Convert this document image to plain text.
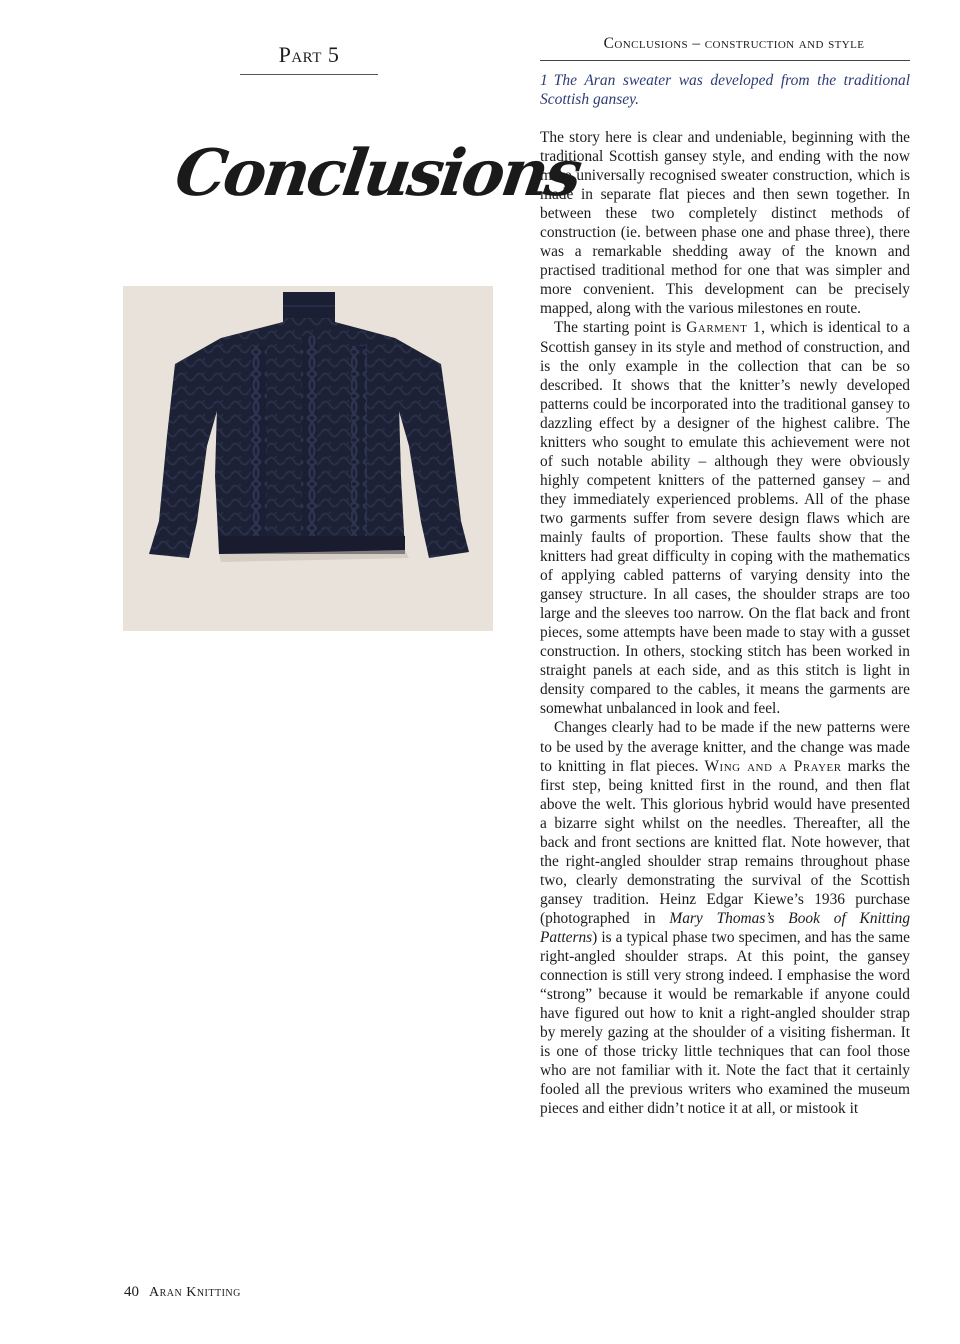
Part 5
Conclusions
40 Aran Knitting
Conclusions – construction and style
1 The Aran sweater was developed from the traditional Scottish gansey.

The story here is clear and undeniable, beginning with the traditional Scottish gansey style, and ending with the now more universally recognised sweater construction, which is made in separate flat pieces and then sewn together. In between these two completely distinct methods of construction (ie. between phase one and phase three), there was a remarkable shedding away of the known and practised traditional method for one that was simpler and more convenient. This development can be precisely mapped, along with the various milestones en route.

The starting point is Garment 1, which is identical to a Scottish gansey in its style and method of construction, and is the only example in the collection that can be so described. It shows that the knitter’s newly developed patterns could be incorporated into the traditional gansey to dazzling effect by a designer of the highest calibre. The knitters who sought to emulate this achievement were not of such notable ability – although they were obviously highly competent knitters of the patterned gansey – and they immediately experienced problems. All of the phase two garments suffer from severe design flaws which are mainly faults of proportion. These faults show that the knitters had great difficulty in coping with the mathematics of applying cabled patterns of varying density into the gansey structure. In all cases, the shoulder straps are too large and the sleeves too narrow. On the flat back and front pieces, some attempts have been made to stay with a gusset construction. In others, stocking stitch has been worked in straight panels at each side, and as this stitch is light in density compared to the cables, it means the garments are somewhat unbalanced in look and feel.

Changes clearly had to be made if the new patterns were to be used by the average knitter, and the change was made to knitting in flat pieces. Wing and a Prayer marks the first step, being knitted first in the round, and then flat above the welt. This glorious hybrid would have presented a bizarre sight whilst on the needles. Thereafter, all the back and front sections are knitted flat. Note however, that the right-angled shoulder strap remains throughout phase two, clearly demonstrating the survival of the Scottish gansey tradition. Heinz Edgar Kiewe’s 1936 purchase (photographed in Mary Thomas’s Book of Knitting Patterns) is a typical phase two specimen, and has the same right-angled shoulder straps. At this point, the gansey connection is still very strong indeed. I emphasise the word “strong” because it would be remarkable if anyone could have figured out how to knit a right-angled shoulder strap by merely gazing at the shoulder of a visiting fisherman. It is one of those tricky little techniques that can fool those who are not familiar with it. Note the fact that it certainly fooled all the previous writers who examined the museum pieces and either didn’t notice it at all, or mistook it
